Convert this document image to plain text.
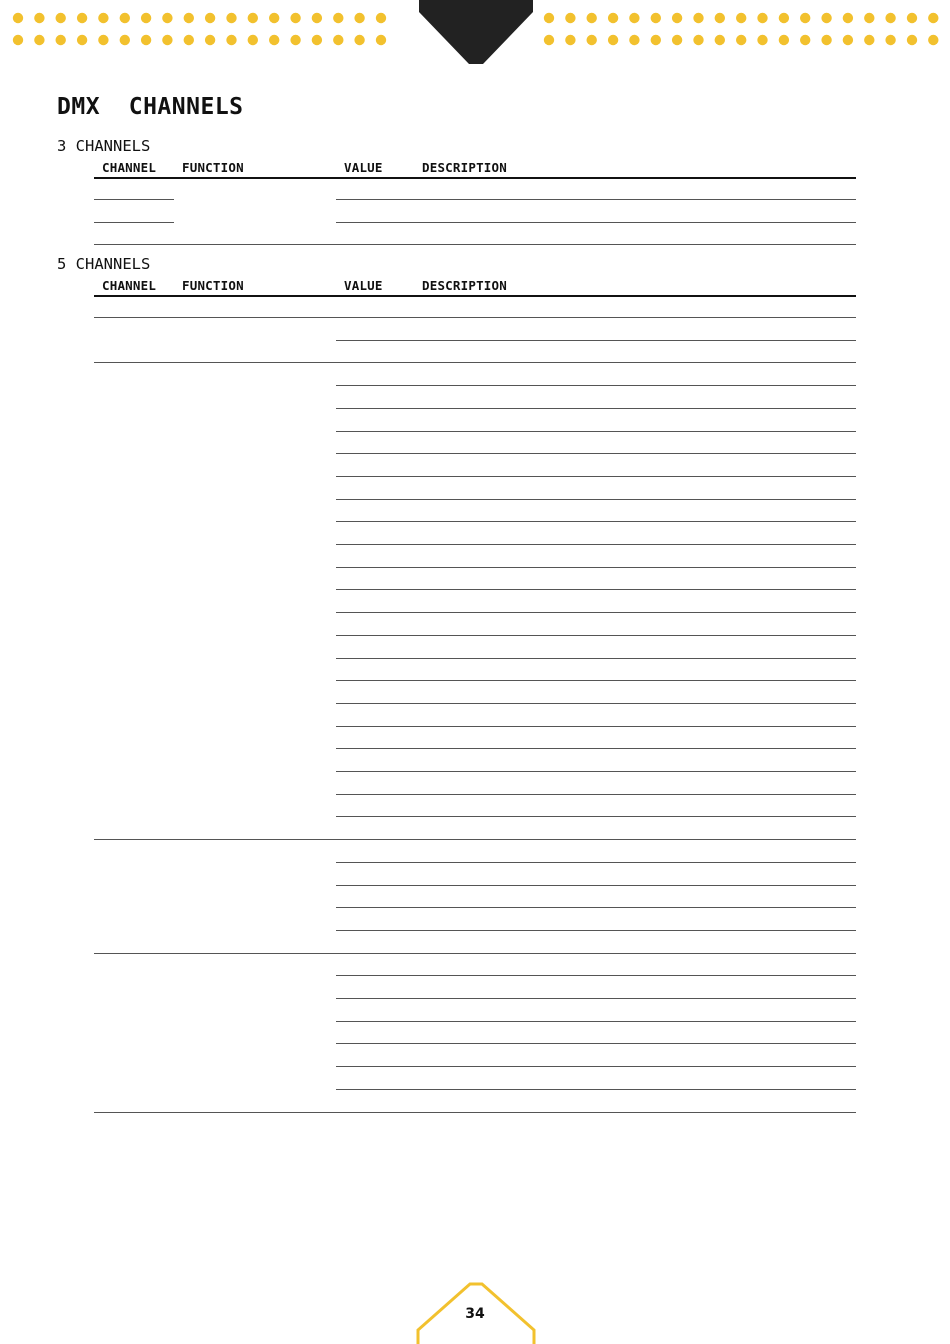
DMX  CHANNELS
3 CHANNELS
CHANNEL FUNCTION	VALUE	DESCRIPTION
5 CHANNELS
CHANNEL FUNCTION	VALUE	DESCRIPTION
34
